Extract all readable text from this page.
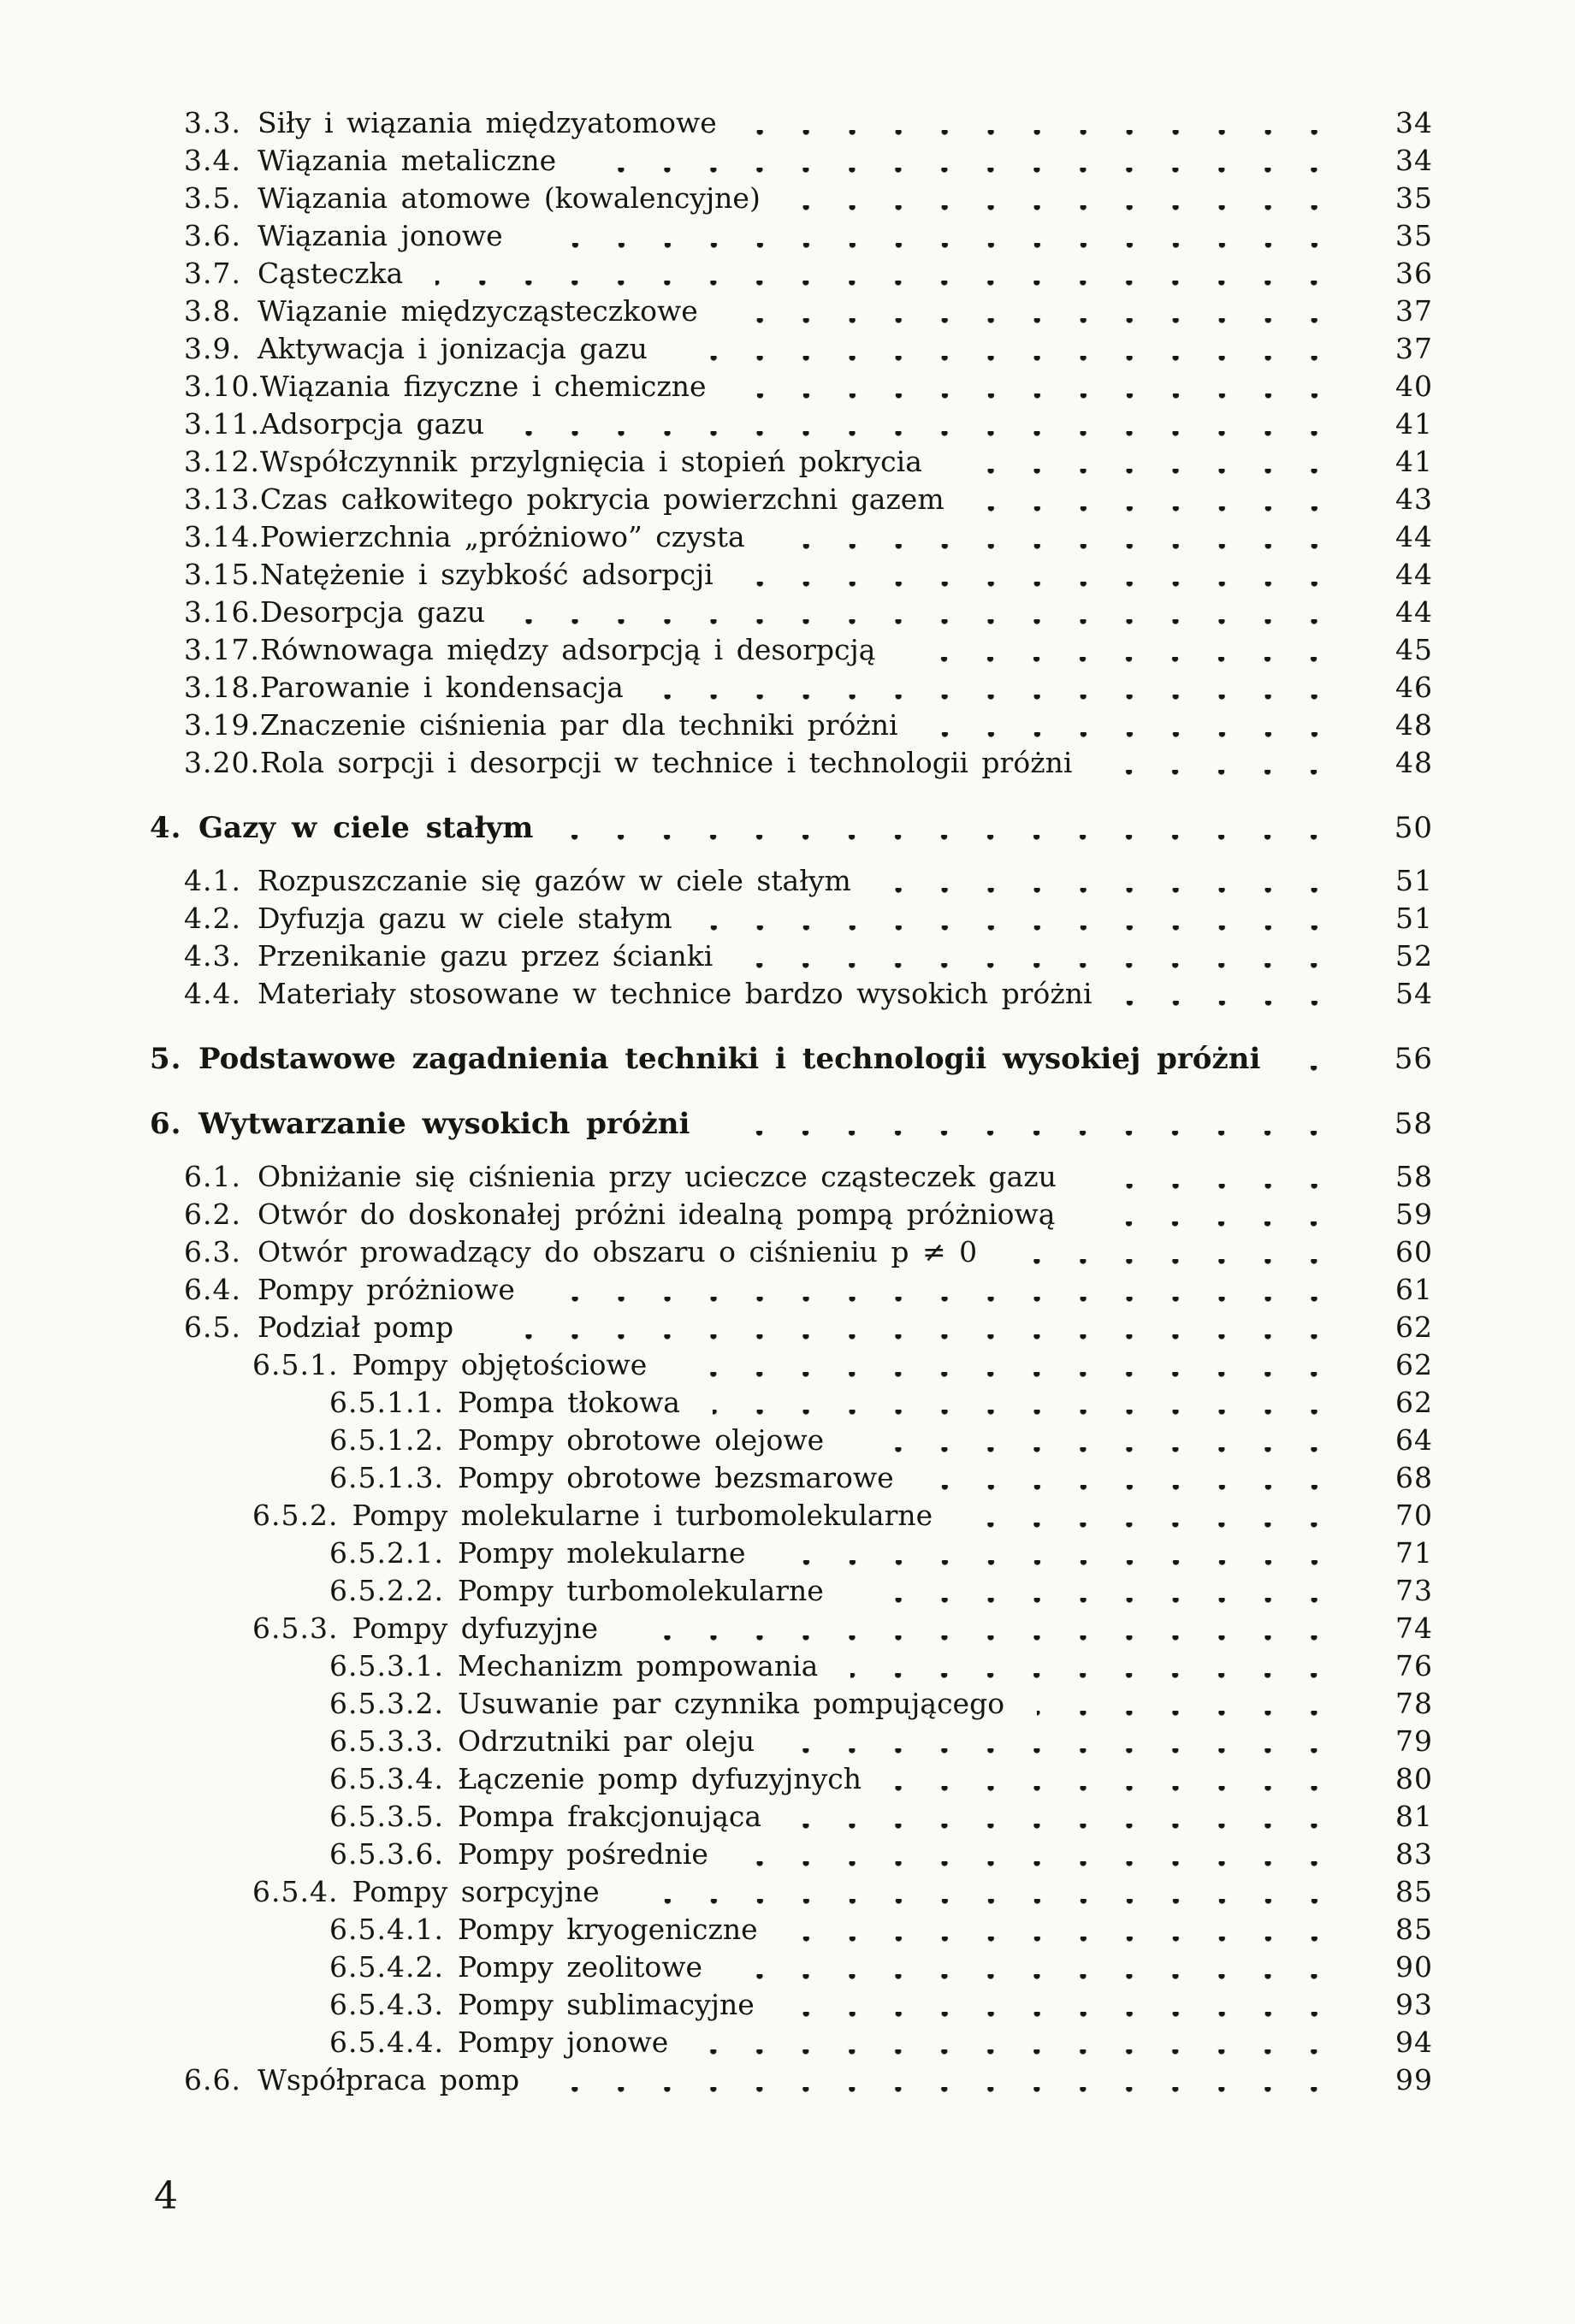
3.3. Siły i wiązania międzyatomowe	34
3.4. Wiązania metaliczne	34
3.5. Wiązania atomowe (kowalencyjne)	35
3.6. Wiązania jonowe	35
3.7. Cąsteczka	36
3.8. Wiązanie międzycząsteczkowe	37
3.9. Aktywacja i jonizacja gazu	37
3.10. Wiązania fizyczne i chemiczne	40
3.11. Adsorpcja gazu	41
3.12. Współczynnik przylgnięcia i stopień pokrycia	41
3.13. Czas całkowitego pokrycia powierzchni gazem	43
3.14. Powierzchnia „próżniowo” czysta	44
3.15. Natężenie i szybkość adsorpcji	44
3.16. Desorpcja gazu	44
3.17. Równowaga między adsorpcją i desorpcją	45
3.18. Parowanie i kondensacja	46
3.19. Znaczenie ciśnienia par dla techniki próżni	48
3.20. Rola sorpcji i desorpcji w technice i technologii próżni	48
4. Gazy w ciele stałym	50
4.1. Rozpuszczanie się gazów w ciele stałym	51
4.2. Dyfuzja gazu w ciele stałym	51
4.3. Przenikanie gazu przez ścianki	52
4.4. Materiały stosowane w technice bardzo wysokich próżni	54
5. Podstawowe zagadnienia techniki i technologii wysokiej próżni	56
6. Wytwarzanie wysokich próżni	58
6.1. Obniżanie się ciśnienia przy ucieczce cząsteczek gazu	58
6.2. Otwór do doskonałej próżni idealną pompą próżniową	59
6.3. Otwór prowadzący do obszaru o ciśnieniu p ≠ 0	60
6.4. Pompy próżniowe	61
6.5. Podział pomp	62
6.5.1. Pompy objętościowe	62
6.5.1.1. Pompa tłokowa	62
6.5.1.2. Pompy obrotowe olejowe	64
6.5.1.3. Pompy obrotowe bezsmarowe	68
6.5.2. Pompy molekularne i turbomolekularne	70
6.5.2.1. Pompy molekularne	71
6.5.2.2. Pompy turbomolekularne	73
6.5.3. Pompy dyfuzyjne	74
6.5.3.1. Mechanizm pompowania	76
6.5.3.2. Usuwanie par czynnika pompującego	78
6.5.3.3. Odrzutniki par oleju	79
6.5.3.4. Łączenie pomp dyfuzyjnych	80
6.5.3.5. Pompa frakcjonująca	81
6.5.3.6. Pompy pośrednie	83
6.5.4. Pompy sorpcyjne	85
6.5.4.1. Pompy kryogeniczne	85
6.5.4.2. Pompy zeolitowe	90
6.5.4.3. Pompy sublimacyjne	93
6.5.4.4. Pompy jonowe	94
6.6. Współpraca pomp	99
4
